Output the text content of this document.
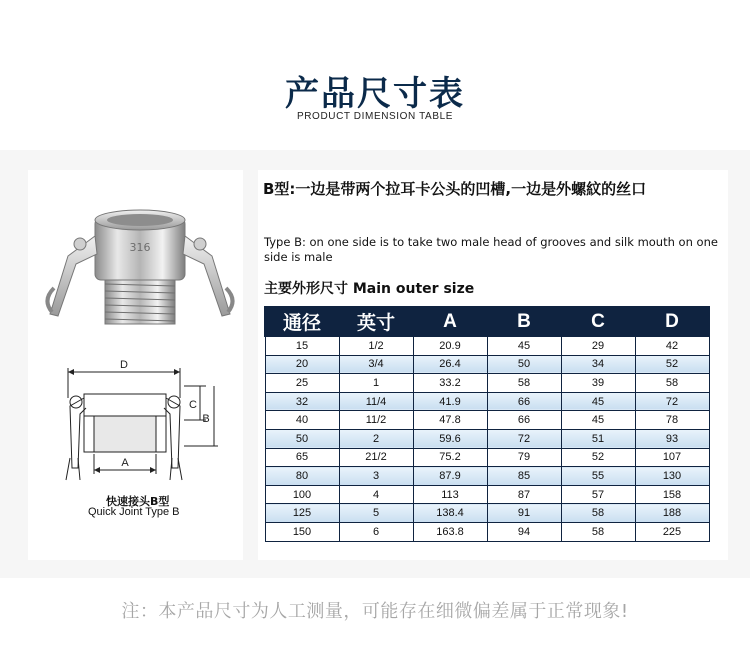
产品尺寸表
PRODUCT DIMENSION TABLE
316
D
A
C
B
快速接头B型
Quick Joint Type B
B型:一边是带两个拉耳卡公头的凹槽,一边是外螺紋的丝口
Type B: on one side is to take two male head of grooves and silk mouth on one side is male
主要外形尺寸 Main outer size
通径	英寸	A	B	C	D
15	1/2	20.9	45	29	42
20	3/4	26.4	50	34	52
25	1	33.2	58	39	58
32	11/4	41.9	66	45	72
40	11/2	47.8	66	45	78
50	2	59.6	72	51	93
65	21/2	75.2	79	52	107
80	3	87.9	85	55	130
100	4	113	87	57	158
125	5	138.4	91	58	188
150	6	163.8	94	58	225
注：本产品尺寸为人工测量，可能存在细微偏差属于正常现象!
